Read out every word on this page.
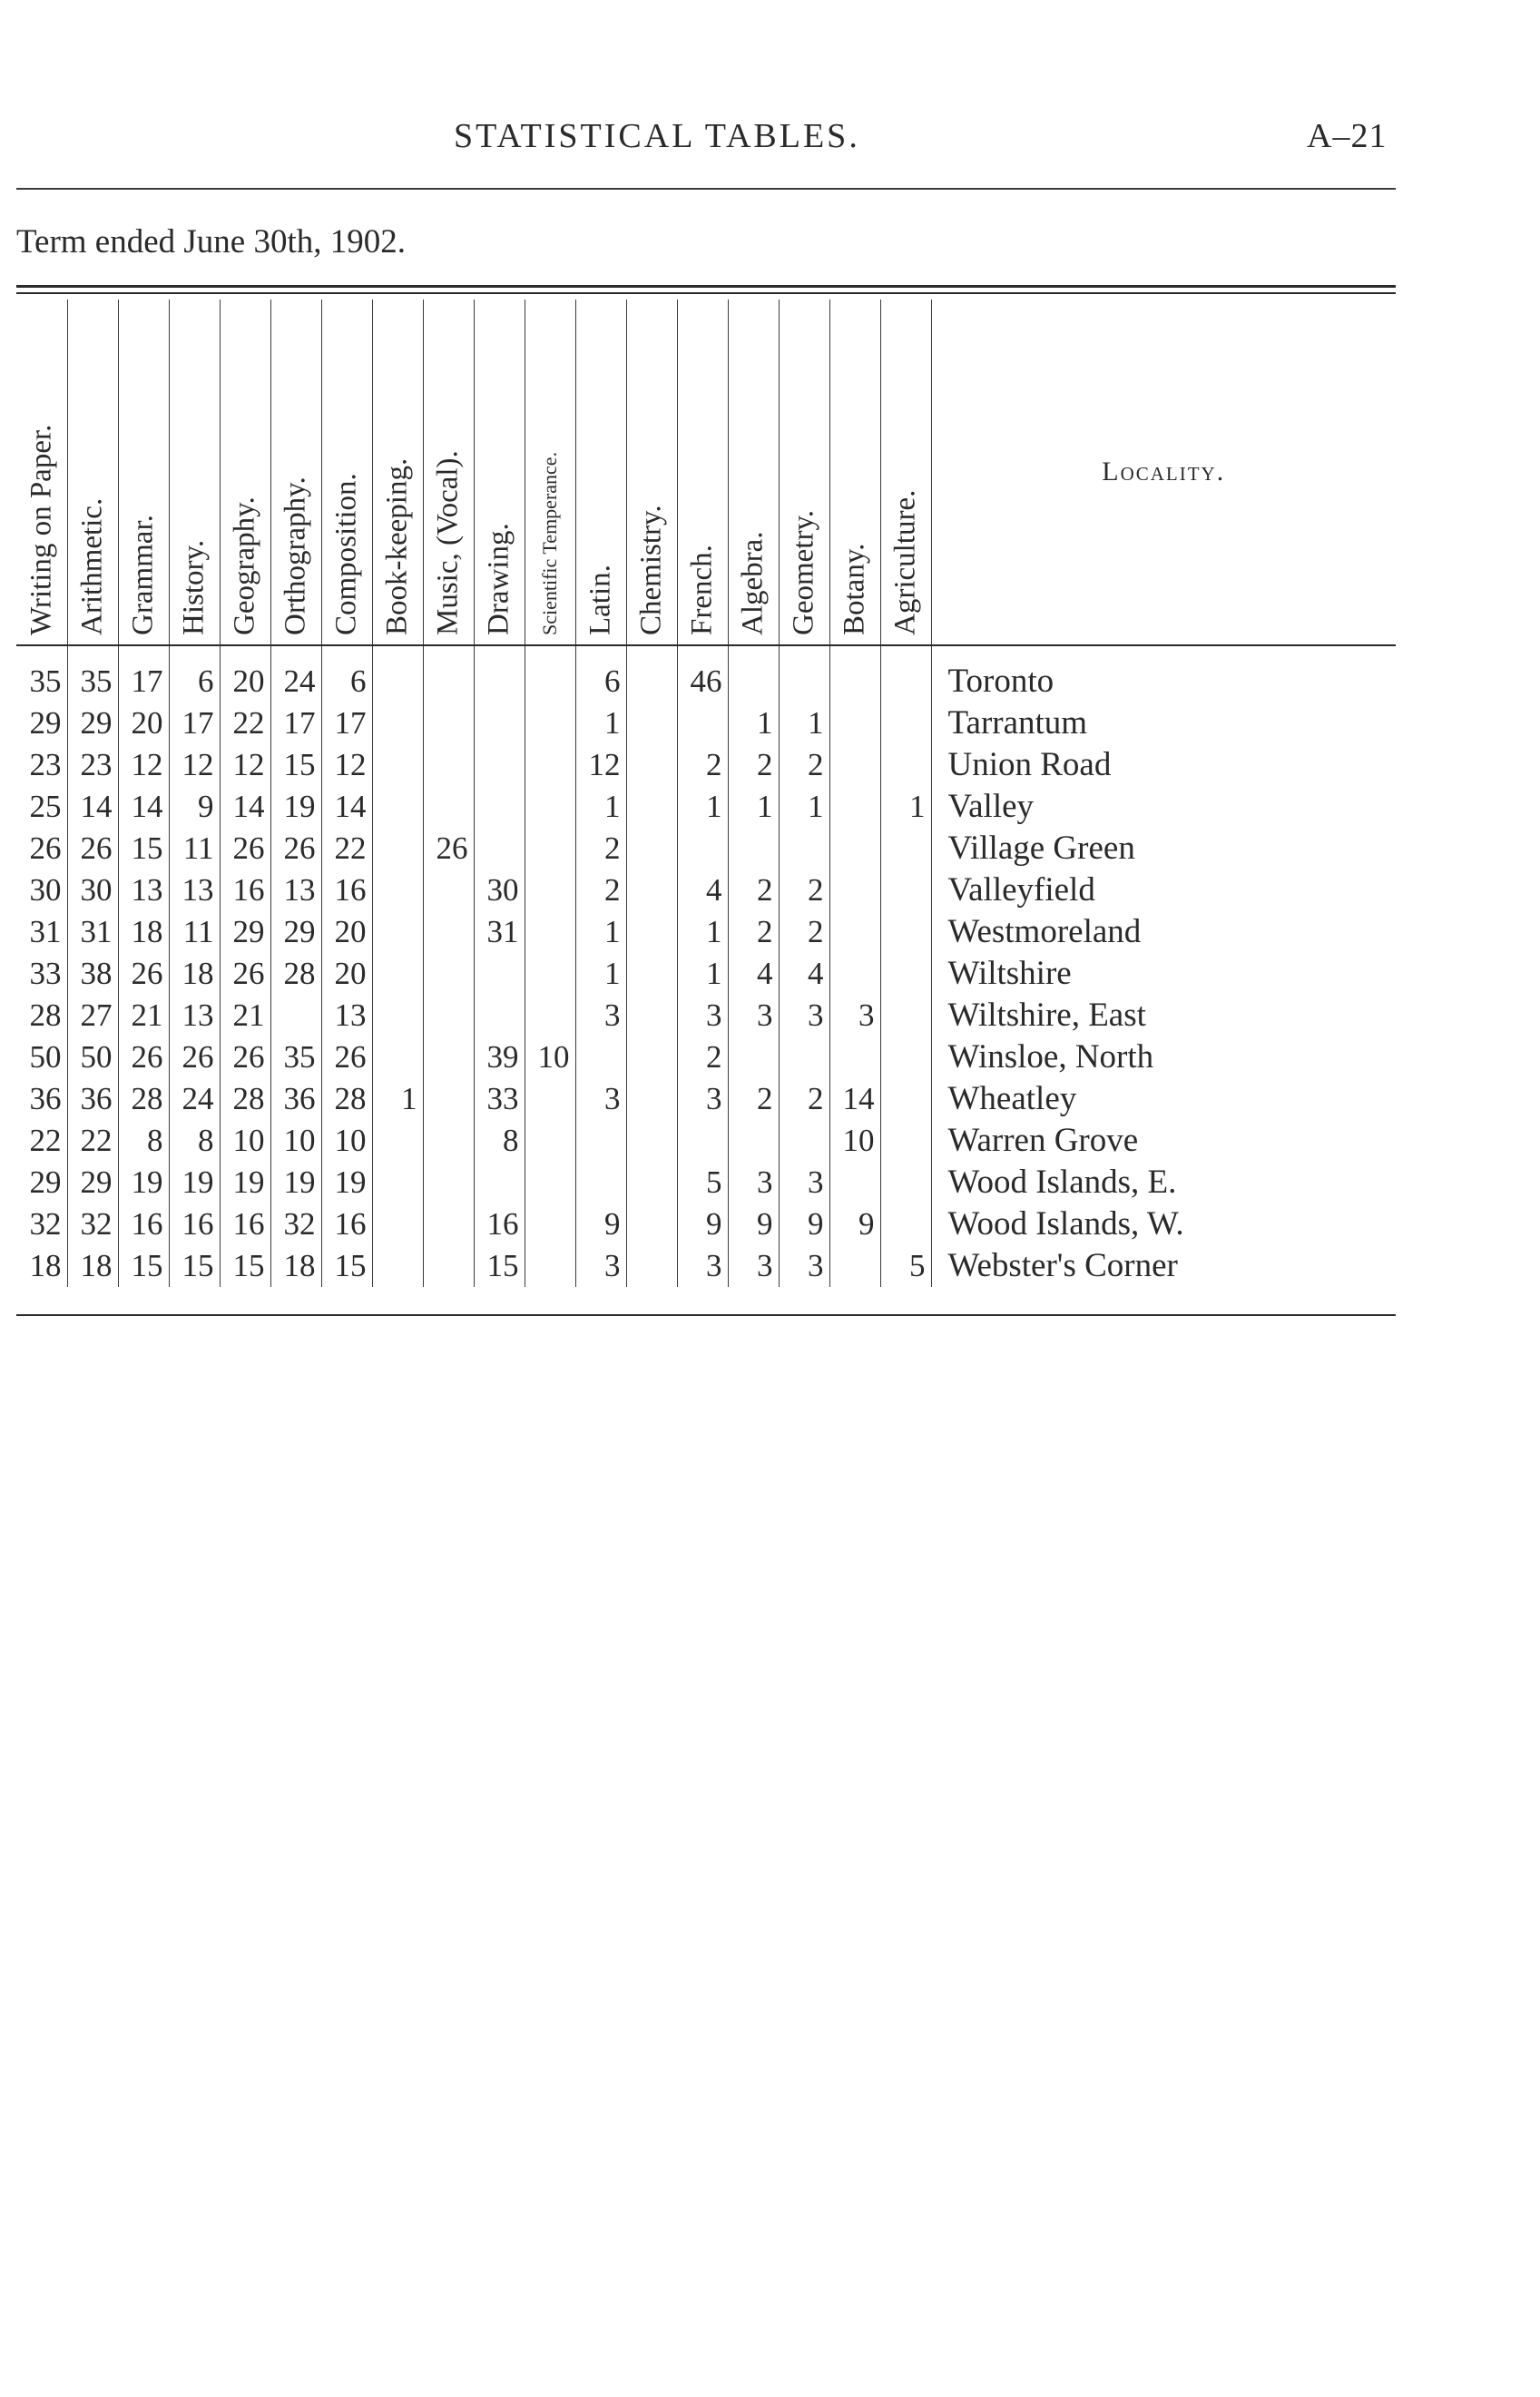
STATISTICAL TABLES.	A–21
Term ended June 30th, 1902.
Writing on Paper.	Arithmetic.	Grammar.	History.	Geography.	Orthography.	Composition.	Book-keeping.	Music, (Vocal).	Drawing.	Scientific Temperance.	Latin.	Chemistry.	French.	Algebra.	Geometry.	Botany.	Agriculture.	Locality.
35	35	17	6	20	24	6					6		46					Toronto
29	29	20	17	22	17	17					1			1	1			Tarrantum
23	23	12	12	12	15	12					12		2	2	2			Union Road
25	14	14	9	14	19	14					1		1	1	1		1	Valley
26	26	15	11	26	26	22		26			2							Village Green
30	30	13	13	16	13	16			30		2		4	2	2			Valleyfield
31	31	18	11	29	29	20			31		1		1	2	2			Westmoreland
33	38	26	18	26	28	20					1		1	4	4			Wiltshire
28	27	21	13	21		13					3		3	3	3	3		Wiltshire, East
50	50	26	26	26	35	26			39	10			2					Winsloe, North
36	36	28	24	28	36	28	1		33		3		3	2	2	14		Wheatley
22	22	8	8	10	10	10			8							10		Warren Grove
29	29	19	19	19	19	19							5	3	3			Wood Islands, E.
32	32	16	16	16	32	16			16		9		9	9	9	9		Wood Islands, W.
18	18	15	15	15	18	15			15		3		3	3	3		5	Webster's Corner
